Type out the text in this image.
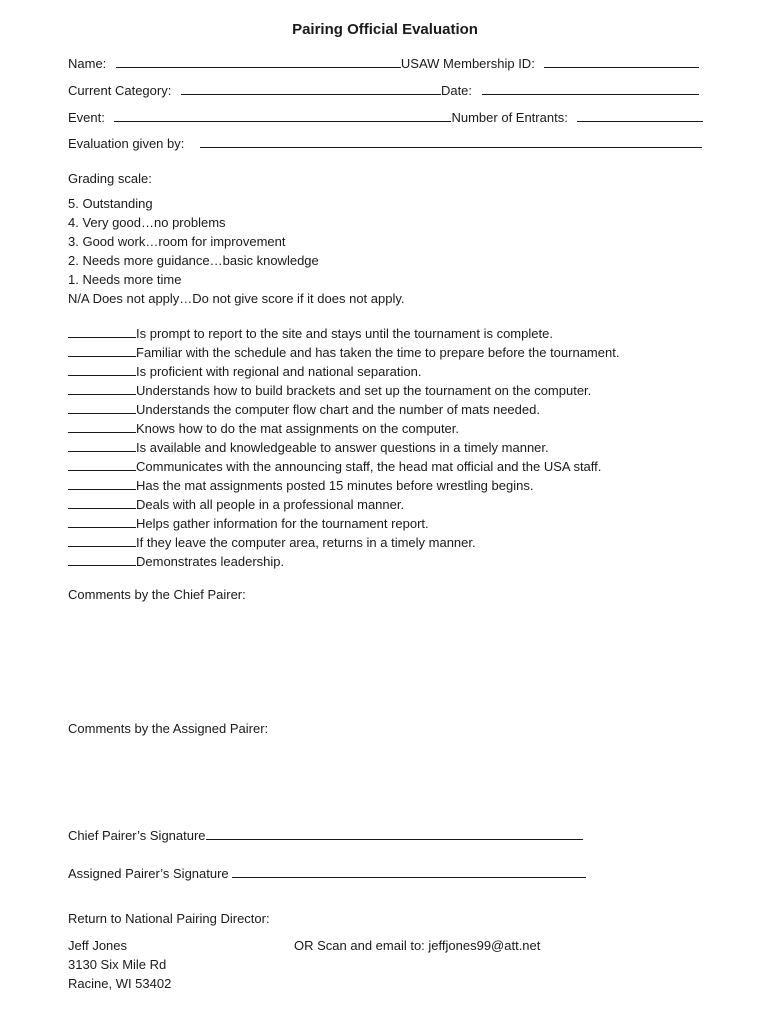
Pairing Official Evaluation
Name:	USAW Membership ID:
Current Category:	Date:
Event:	Number of Entrants:
Evaluation given by:
Grading scale:
5. Outstanding
4. Very good…no problems
3. Good work…room for improvement
2. Needs more guidance…basic knowledge
1. Needs more time
N/A Does not apply…Do not give score if it does not apply.
Is prompt to report to the site and stays until the tournament is complete.
Familiar with the schedule and has taken the time to prepare before the tournament.
Is proficient with regional and national separation.
Understands how to build brackets and set up the tournament on the computer.
Understands the computer flow chart and the number of mats needed.
Knows how to do the mat assignments on the computer.
Is available and knowledgeable to answer questions in a timely manner.
Communicates with the announcing staff, the head mat official and the USA staff.
Has the mat assignments posted 15 minutes before wrestling begins.
Deals with all people in a professional manner.
Helps gather information for the tournament report.
If they leave the computer area, returns in a timely manner.
Demonstrates leadership.
Comments by the Chief Pairer:
Comments by the Assigned Pairer:
Chief Pairer’s Signature
Assigned Pairer’s Signature
Return to National Pairing Director:
Jeff Jones
3130 Six Mile Rd
Racine, WI 53402
OR Scan and email to: jeffjones99@att.net
